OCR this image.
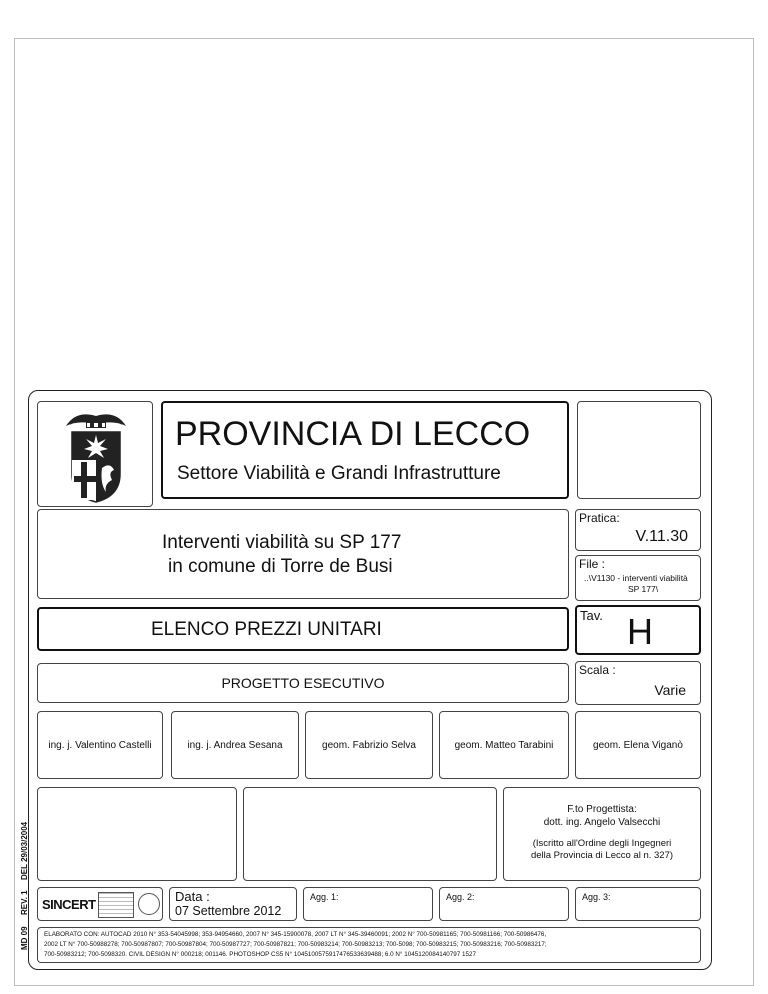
PROVINCIA DI LECCO
Settore Viabilità e Grandi Infrastrutture
Interventi viabilità su SP 177
in comune di Torre de Busi
Pratica:
V.11.30
File :
..\V1130 - interventi viabilità
SP 177\
ELENCO PREZZI UNITARI
Tav. H
PROGETTO ESECUTIVO
Scala :
Varie
ing. j. Valentino Castelli	ing. j. Andrea Sesana	geom. Fabrizio Selva	geom. Matteo Tarabini	geom. Elena Viganò
F.to Progettista:
dott. ing. Angelo Valsecchi
(Iscritto all'Ordine degli Ingegneri
della Provincia di Lecco al n. 327)
SINCERT
Data :
07 Settembre 2012
Agg. 1:	Agg. 2:	Agg. 3:
ELABORATO CON: AUTOCAD 2010 N° 353-54045998; 353-94954660, 2007 N° 345-15900078, 2007 LT N° 345-39460091; 2002 N° 700-50981165; 700-50981166; 700-50986476,
2002 LT N° 700-50988278; 700-50987807; 700-50987804; 700-50987727; 700-50987821; 700-50983214; 700-50983213; 700-5098; 700-50983215; 700-50983216; 700-50983217;
700-50983212; 700-5098320. CIVIL DESIGN N° 000218; 001146. PHOTOSHOP CS5 N° 1045100575917476533639488; 6.0 N° 1045120084140797 1527
MD 09
REV. 1
DEL 29/03/2004
